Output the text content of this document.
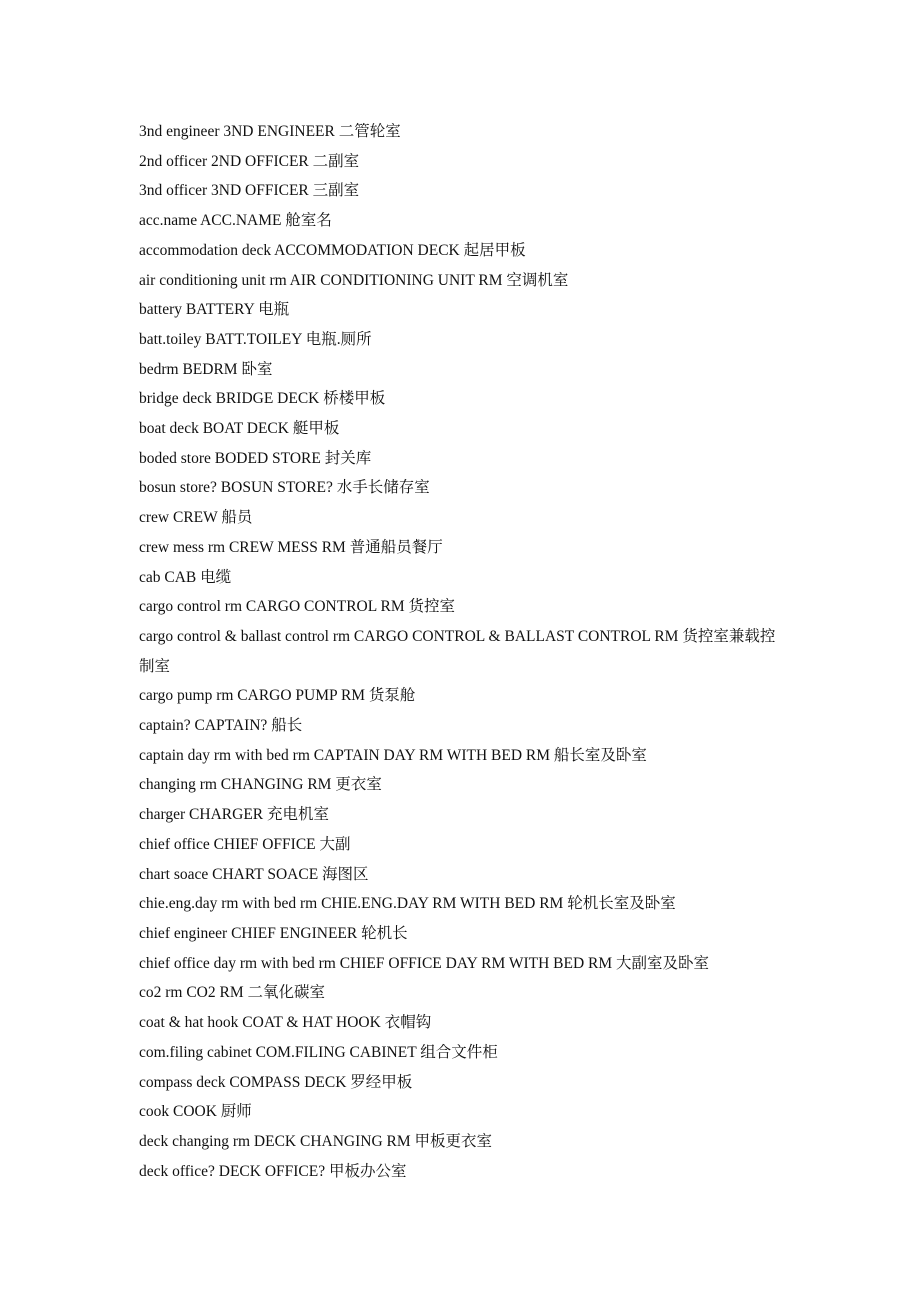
3nd engineer 3ND ENGINEER 二管轮室
2nd officer 2ND OFFICER 二副室
3nd officer 3ND OFFICER 三副室
acc.name ACC.NAME 舱室名
accommodation deck ACCOMMODATION DECK 起居甲板
air conditioning unit rm AIR CONDITIONING UNIT RM 空调机室
battery BATTERY 电瓶
batt.toiley BATT.TOILEY 电瓶.厕所
bedrm BEDRM 卧室
bridge deck BRIDGE DECK 桥楼甲板
boat deck BOAT DECK 艇甲板
boded store BODED STORE 封关库
bosun store? BOSUN STORE? 水手长储存室
crew CREW 船员
crew mess rm CREW MESS RM 普通船员餐厅
cab CAB 电缆
cargo control rm CARGO CONTROL RM 货控室
cargo control & ballast control rm CARGO CONTROL & BALLAST CONTROL RM 货控室兼载控制室
cargo pump rm CARGO PUMP RM 货泵舱
captain? CAPTAIN? 船长
captain day rm with bed rm CAPTAIN DAY RM WITH BED RM 船长室及卧室
changing rm CHANGING RM 更衣室
charger CHARGER 充电机室
chief office CHIEF OFFICE 大副
chart soace CHART SOACE 海图区
chie.eng.day rm with bed rm CHIE.ENG.DAY RM WITH BED RM 轮机长室及卧室
chief engineer CHIEF ENGINEER 轮机长
chief office day rm with bed rm CHIEF OFFICE DAY RM WITH BED RM 大副室及卧室
co2 rm CO2 RM 二氧化碳室
coat & hat hook COAT & HAT HOOK 衣帽钩
com.filing cabinet COM.FILING CABINET 组合文件柜
compass deck COMPASS DECK 罗经甲板
cook COOK 厨师
deck changing rm DECK CHANGING RM 甲板更衣室
deck office? DECK OFFICE? 甲板办公室
